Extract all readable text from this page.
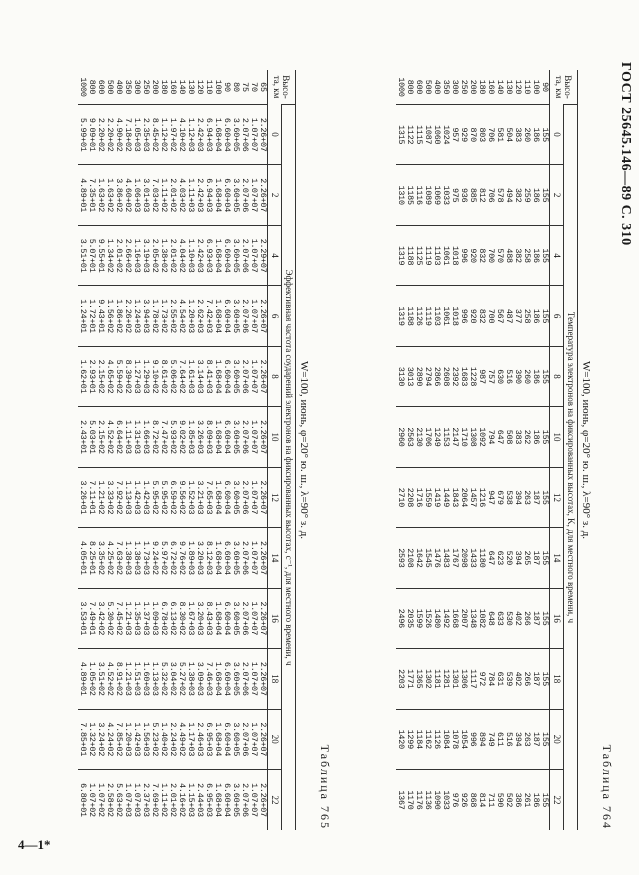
ГОСТ 25645.146—89 С. 310
4—1*
Таблица 764
W=100, июнь, φ=20° ю. ш., λ=90° з. д.
Высо- та, км	Температура электронов на фиксированных высотах, K, для местного времени, ч											
	0	2	4	6	8	10	12	14	16	18	20	22
90	155	155	155	155	155	155	155	155	155	155	155	155
100	186	186	186	186	186	186	187	187	187	187	187	186
110	260	259	258	258	260	262	263	265	266	266	263	261
120	383	382	382	377	390	383	394	394	402	402	394	386
130	504	494	488	487	516	508	538	520	530	539	516	502
140	581	578	570	567	630	647	679	623	633	631	611	590
160	706	706	700	700	757	794	947	647	648	784	749	711
180	803	812	832	832	987	1092	1216	1180	1082	972	894	814
200	870	885	920	920	1228	1308	1457	1433	1348	1117	996	868
250	929	936	996	996	1683	1710	2064	2098	2007	1306	1054	926
300	957	975	1018	1018	2392	2147	1843	1767	1668	1301	1078	976
350	1024	1033	1061	1061	2608	1153	1449	1483	1492	1281	1084	1033
400	1060	1069	1103	1103	2866	1249	1419	1476	1480	1181	1126	1090
500	1087	1089	1119	1119	2794	1706	1559	1545	1526	1302	1162	1136
600	1115	1116	1125	1126	2890	2130	1716	1642	1599	1365	1184	1176
800	1122	1185	1188	1188	3013	2563	2208	2108	2035	1771	1299	1170
1000	1315	1310	1319	1319	3130	2960	2710	2593	2496	2203	1420	1367
Таблица 765
W=100, июнь, φ=20° ю. ш., λ=90° з. д.
Высо- та, км	Эффективная частота соударений электронов на фиксированных высотах, с⁻¹, для местного времени, ч											
	0	2	4	6	8	10	12	14	16	18	20	22
65	2.26+07	2.26+07	2.29+07	2.26+07	2.26+07	2.26+07	2.26+07	2.26+07	2.26+07	2.26+07	2.26+07	2.26+07
70	1.07+07	1.07+07	1.07+07	1.07+07	1.07+07	1.07+07	1.07+07	1.07+07	1.07+07	1.07+07	1.07+07	1.07+07
75	2.07+06	2.07+06	2.07+06	2.07+06	2.07+06	2.07+06	2.07+06	2.07+06	2.07+06	2.07+06	2.07+06	2.07+06
80	3.60+05	3.60+05	3.60+05	3.60+05	3.60+05	3.60+05	3.60+05	3.60+05	3.60+05	3.60+05	3.60+05	3.60+05
90	6.60+04	6.60+04	6.60+04	6.60+04	6.60+04	6.60+04	6.60+04	6.60+04	6.60+04	6.60+04	6.60+04	6.60+04
100	1.68+04	1.68+04	1.68+04	1.68+04	1.68+04	1.68+04	1.68+04	1.68+04	1.68+04	1.68+04	1.68+04	1.68+04
110	6.94+03	6.94+03	6.93+03	7.42+03	8.41+03	8.09+03	7.65+03	8.12+03	8.43+03	7.46+03	6.95+03	6.95+03
120	2.42+03	2.42+03	2.42+03	2.62+03	3.14+03	3.26+03	3.21+03	3.20+03	3.20+03	3.09+03	2.46+03	2.44+03
130	1.12+03	1.11+03	1.10+03	1.20+03	1.61+03	1.85+03	1.52+03	1.89+03	1.67+03	1.38+03	1.17+03	1.15+03
140	4.10+02	4.03+02	4.04+02	4.54+02	7.64+02	9.02+02	9.56+02	9.76+02	8.30+02	5.27+02	4.49+02	4.16+02
160	1.97+02	2.01+02	2.01+02	2.55+02	5.06+02	5.93+02	6.59+02	6.72+02	6.13+02	3.04+02	2.24+02	2.01+02
180	1.12+02	1.11+02	1.38+02	1.73+02	8.61+02	7.47+02	5.95+02	5.97+02	6.78+02	5.32+02	1.40+02	1.11+02
200	8.45+02	7.03+02	2.05+02	1.78+02	9.10+02	8.72+02	5.95+02	9.24+02	1.09+03	1.13+03	5.23+02	7.69+02
250	2.35+03	3.01+03	3.19+03	3.94+03	1.29+03	1.66+03	1.42+03	1.73+03	1.37+03	1.60+03	1.56+03	2.37+03
300	1.05+03	1.06+03	1.16+03	1.24+03	1.27+03	1.31+03	1.42+03	1.38+03	1.35+03	1.51+03	1.42+03	1.07+03
350	7.18+02	4.60+02	2.66+02	2.26+02	8.39+02	1.11+03	1.13+03	1.38+03	1.21+03	1.21+03	1.20+03	1.07+03
400	4.90+02	3.86+02	2.01+02	1.86+02	5.59+02	6.64+02	7.92+02	7.63+02	7.45+02	8.91+02	7.85+02	5.63+02
500	2.20+02	1.63+02	1.34+02	1.56+02	4.65+02	4.52+02	3.33+02	4.25+02	5.30+02	4.52+02	4.24+02	2.58+02
600	2.20+02	1.63+02	9.55+01	9.43+01	2.15+02	2.15+02	1.21+02	3.35+02	3.42+02	3.51+02	3.24+02	1.07+02
800	9.09+01	7.35+01	5.07+01	1.72+01	2.93+01	5.03+01	7.11+01	8.25+01	7.49+01	1.05+02	1.32+02	1.07+02
1000	5.99+01	4.89+01	3.51+01	1.24+01	1.62+01	2.43+01	3.26+01	4.05+01	3.53+01	4.89+01	7.85+01	6.80+01
